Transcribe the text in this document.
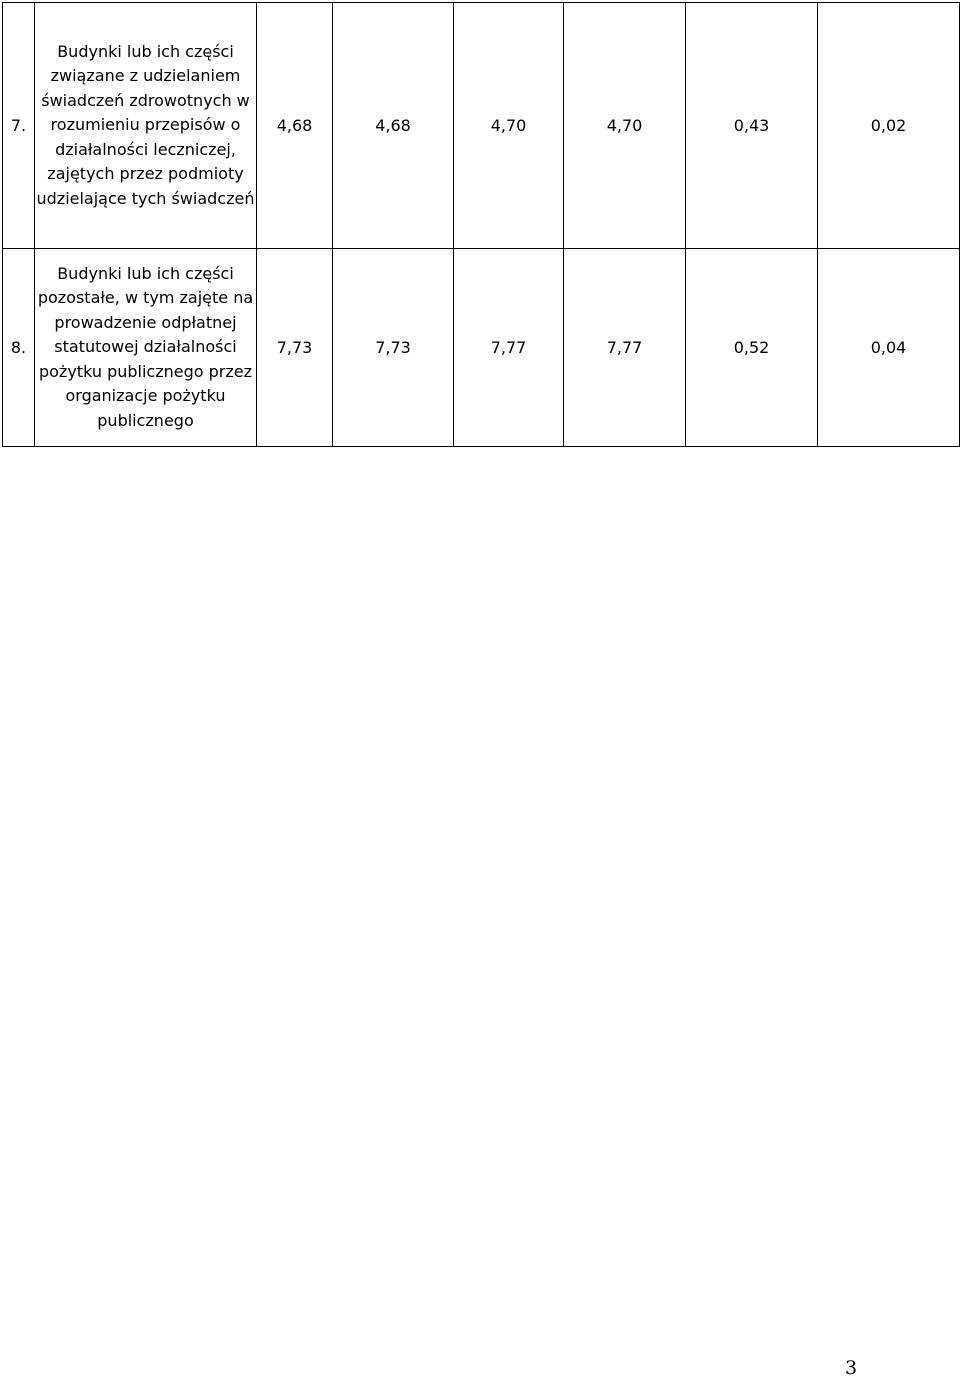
7.	Budynki lub ich części związane z udzielaniem świadczeń zdrowotnych w rozumieniu przepisów o działalności leczniczej, zajętych przez podmioty udzielające tych świadczeń	4,68	4,68	4,70	4,70	0,43	0,02
8.	Budynki lub ich części pozostałe, w tym zajęte na prowadzenie odpłatnej statutowej działalności pożytku publicznego przez organizacje pożytku publicznego	7,73	7,73	7,77	7,77	0,52	0,04
3
